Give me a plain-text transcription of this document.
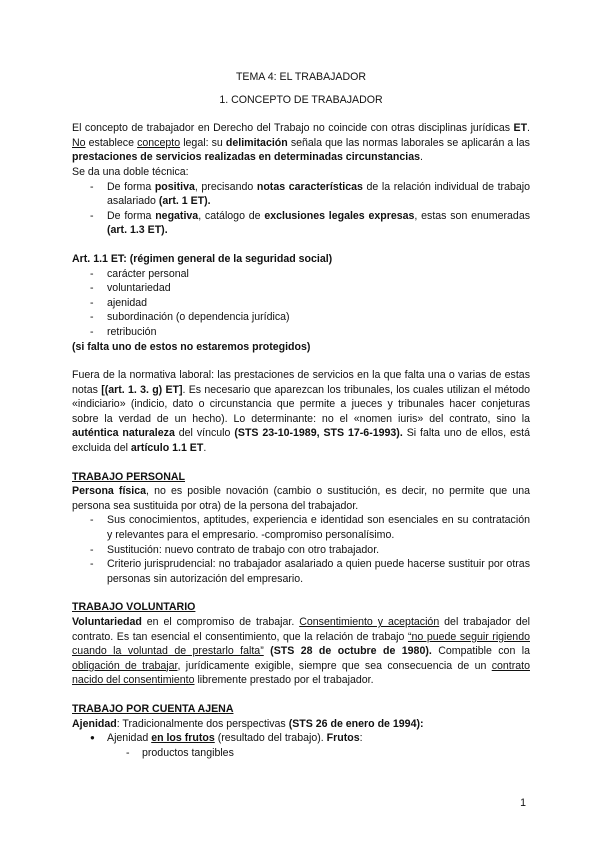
TEMA 4: EL TRABAJADOR

1. CONCEPTO DE TRABAJADOR

El concepto de trabajador en Derecho del Trabajo no coincide con otras disciplinas jurídicas ET. No establece concepto legal: su delimitación señala que las normas laborales se aplicarán a las prestaciones de servicios realizadas en determinadas circunstancias.

Se da una doble técnica:

- De forma positiva, precisando notas características de la relación individual de trabajo asalariado (art. 1 ET).
- De forma negativa, catálogo de exclusiones legales expresas, estas son enumeradas (art. 1.3 ET).

Art. 1.1 ET: (régimen general de la seguridad social)

- carácter personal
- voluntariedad
- ajenidad
- subordinación (o dependencia jurídica)
- retribución

(si falta uno de estos no estaremos protegidos)

Fuera de la normativa laboral: las prestaciones de servicios en la que falta una o varias de estas notas [(art. 1. 3. g) ET]. Es necesario que aparezcan los tribunales, los cuales utilizan el método «indiciario» (indicio, dato o circunstancia que permite a jueces y tribunales hacer conjeturas sobre la verdad de un hecho). Lo determinante: no el «nomen iuris» del contrato, sino la auténtica naturaleza del vínculo (STS 23-10-1989, STS 17-6-1993). Si falta uno de ellos, está excluida del artículo 1.1 ET.

TRABAJO PERSONAL

Persona física, no es posible novación (cambio o sustitución, es decir, no permite que una persona sea sustituida por otra) de la persona del trabajador.

- Sus conocimientos, aptitudes, experiencia e identidad son esenciales en su contratación y relevantes para el empresario. -compromiso personalísimo.
- Sustitución: nuevo contrato de trabajo con otro trabajador.
- Criterio jurisprudencial: no trabajador asalariado a quien puede hacerse sustituir por otras personas sin autorización del empresario.

TRABAJO VOLUNTARIO

Voluntariedad en el compromiso de trabajar. Consentimiento y aceptación del trabajador del contrato. Es tan esencial el consentimiento, que la relación de trabajo “no puede seguir rigiendo cuando la voluntad de prestarlo falta” (STS 28 de octubre de 1980). Compatible con la obligación de trabajar, jurídicamente exigible, siempre que sea consecuencia de un contrato nacido del consentimiento libremente prestado por el trabajador.

TRABAJO POR CUENTA AJENA

Ajenidad: Tradicionalmente dos perspectivas (STS 26 de enero de 1994):

● Ajenidad en los frutos (resultado del trabajo). Frutos:
- productos tangibles
1
